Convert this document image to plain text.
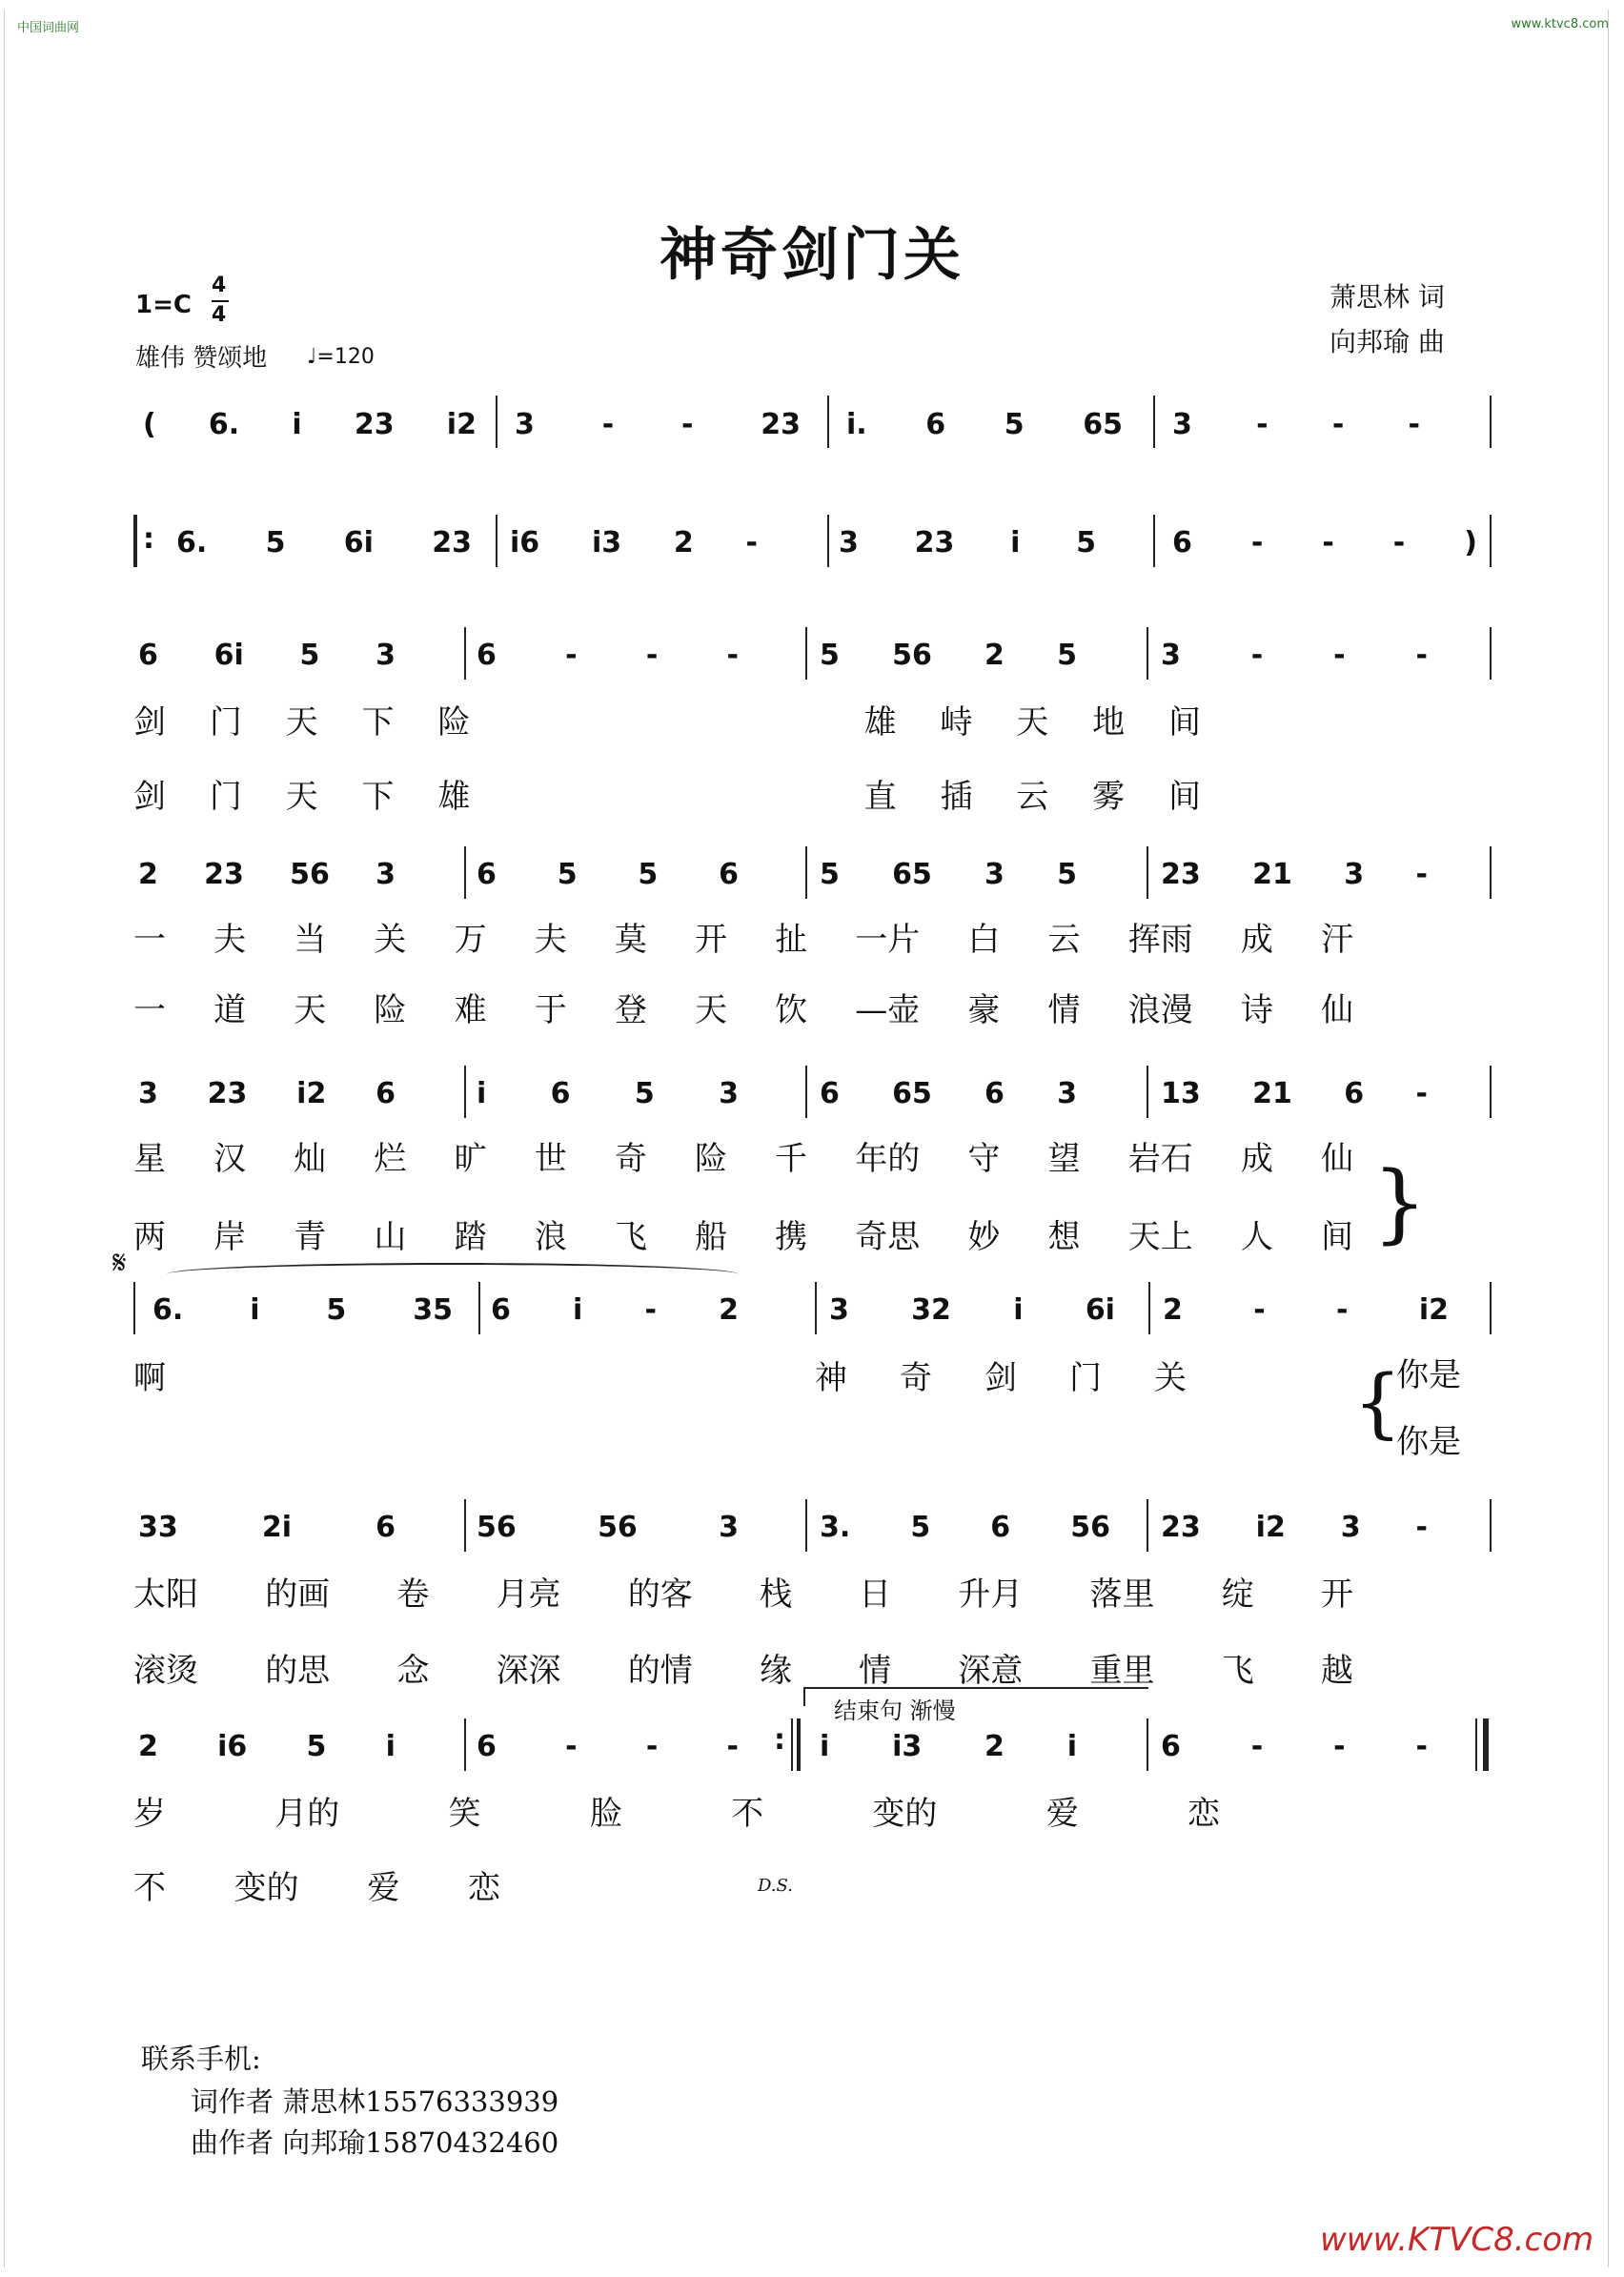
中国词曲网	www.ktvc8.com
神奇剑门关
萧思林 词
向邦瑜 曲
1=C
4
4
雄伟 赞颂地 ♩=120
( 6. i 23 i2 3 - - 23 i. 6 5 65 3 - - -
: 6. 5 6i 23 i6 i3 2 -	3 23 i 5	6 - - - )
6 6i 5 3	6 - - -	5 56 2 5	3 - - -
剑 门 天 下 险	雄 峙 天 地 间
剑 门 天 下 雄	直 插 云 雾 间
2 23 56 3	6 5 5 6	5 65 3 5	23 21 3 -
一 夫 当 关 万 夫 莫 开 扯 一片 白 云 挥雨 成 汗
一 道 天 险 难 于 登 天 饮 —壶 豪 情 浪漫 诗 仙
3 23 i2 6	i 6 5 3	6 65 6 3	13 21 6 -
星 汉 灿 烂 旷 世 奇 险 千 年的 守 望 岩石 成 仙
两 岸 青 山 踏 浪 飞 船 携 奇思 妙 想 天上 人 间 }
𝄋
6. i 5 35 6 i - 2	3 32 i 6i 2 - - i2
啊	神 奇 剑 门 关 {
你是
你是
33	2i	6	56	56	3	3. 5 6 56 23 i2 3 -
太阳 的画 卷 月亮 的客 栈 日 升月 落里 绽 开
滚烫 的思 念 深深 的情 缘 情 深意 重里 飞 越
结束句 渐慢
2 i6 5 i	6 - - - : i i3 2 i	6 - - -
岁	月的	笑	脸	不	变的	爱	恋
不 变的 爱 恋	D.S.
联系手机:
词作者 萧思林15576333939
曲作者 向邦瑜15870432460
www.KTVC8.com
